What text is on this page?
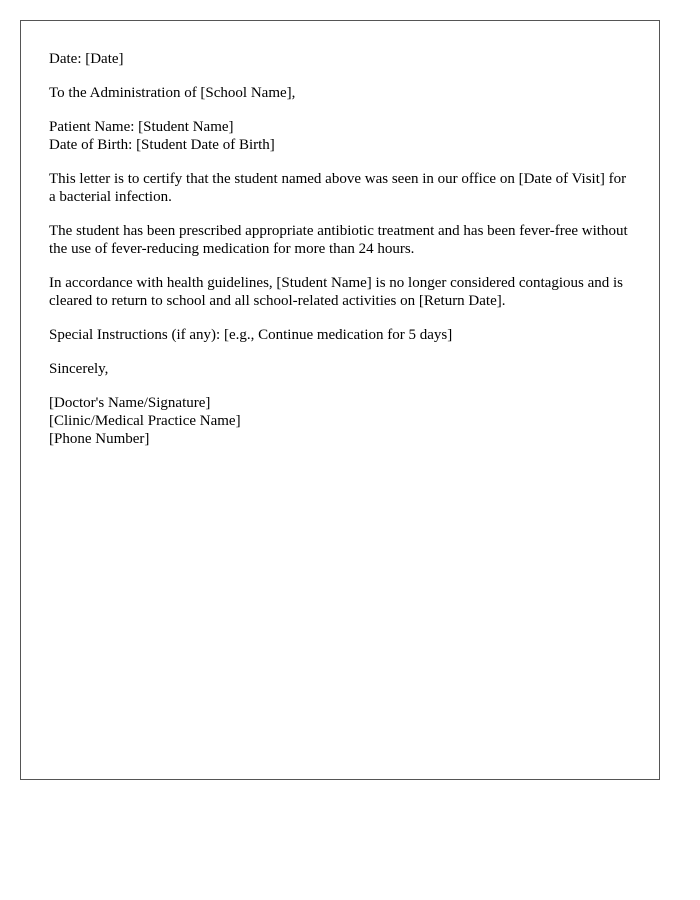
Date: [Date]

To the Administration of [School Name],

Patient Name: [Student Name]
Date of Birth: [Student Date of Birth]

This letter is to certify that the student named above was seen in our office on [Date of Visit] for a bacterial infection.

The student has been prescribed appropriate antibiotic treatment and has been fever-free without the use of fever-reducing medication for more than 24 hours.

In accordance with health guidelines, [Student Name] is no longer considered contagious and is cleared to return to school and all school-related activities on [Return Date].

Special Instructions (if any): [e.g., Continue medication for 5 days]

Sincerely,

[Doctor's Name/Signature]
[Clinic/Medical Practice Name]
[Phone Number]
